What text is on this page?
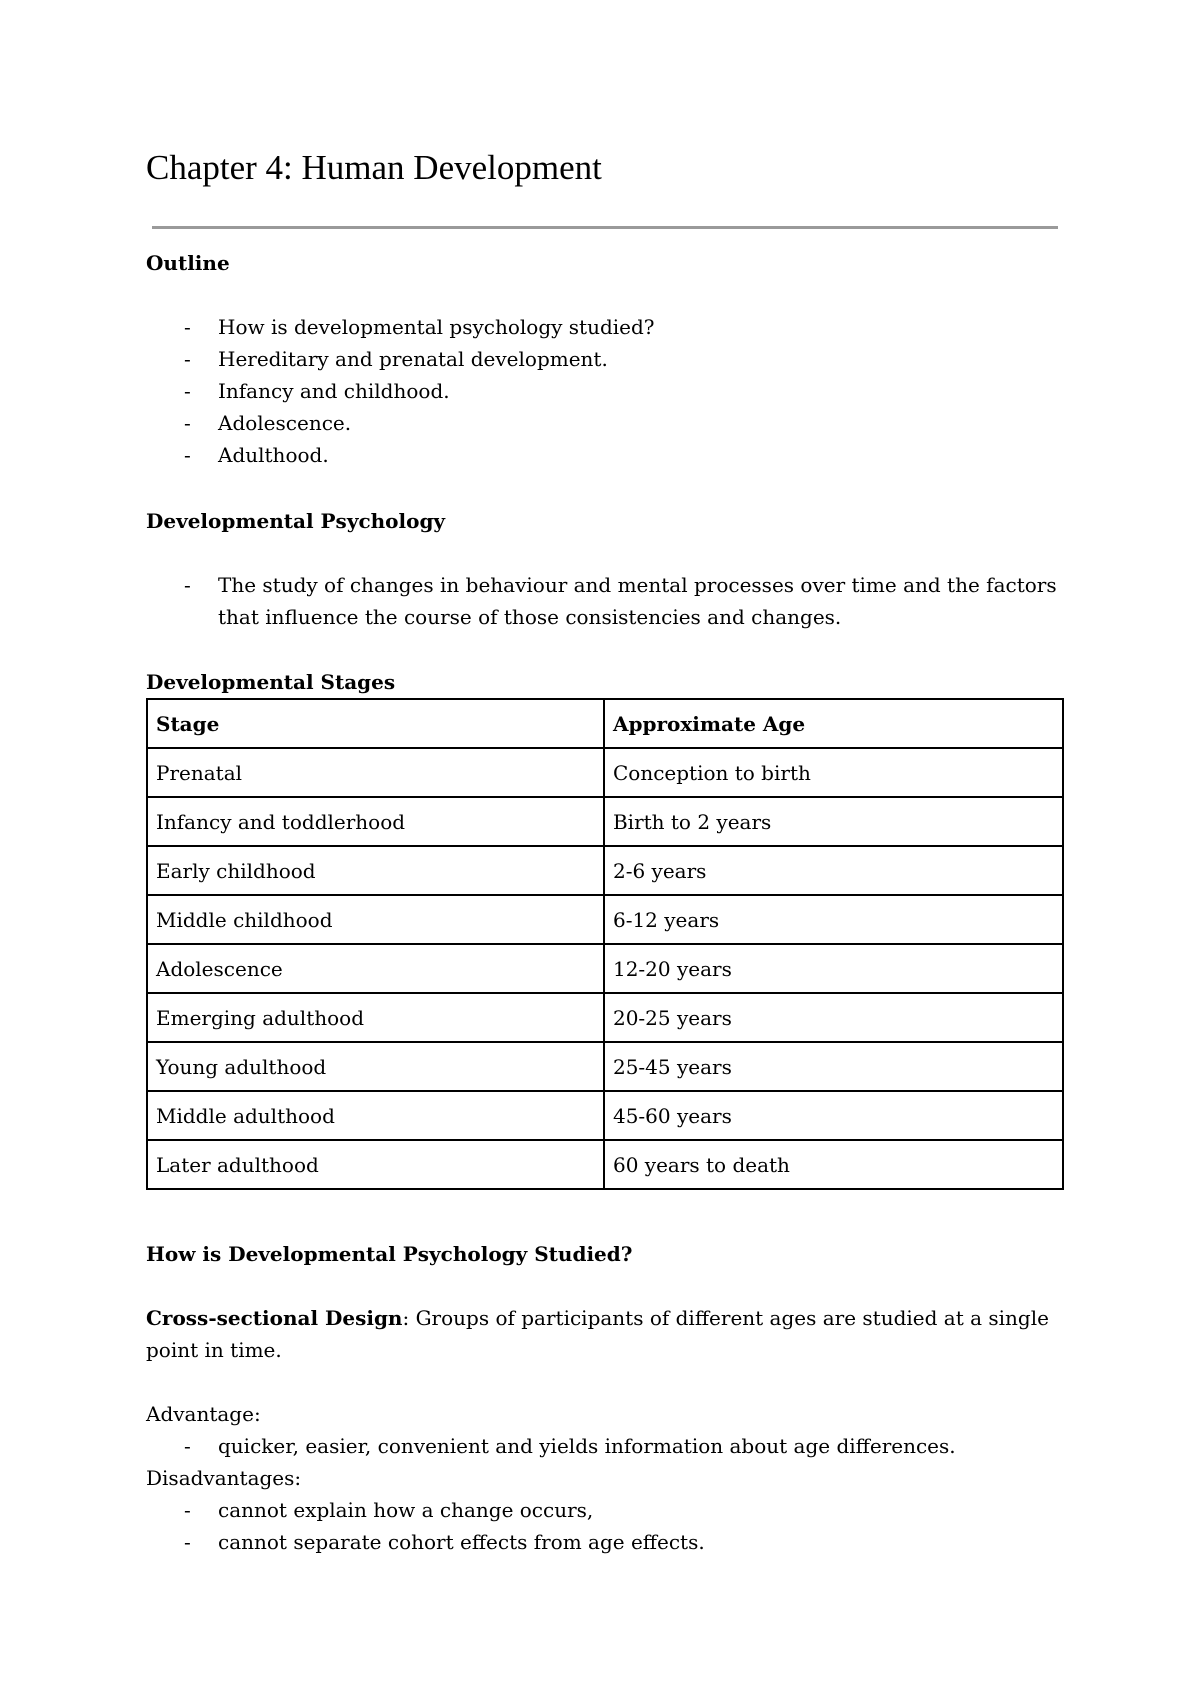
Chapter 4: Human Development

Outline

- How is developmental psychology studied?
- Hereditary and prenatal development.
- Infancy and childhood.
- Adolescence.
- Adulthood.

Developmental Psychology

- The study of changes in behaviour and mental processes over time and the factors that influence the course of those consistencies and changes.

Developmental Stages

Stage	Approximate Age
Prenatal	Conception to birth
Infancy and toddlerhood	Birth to 2 years
Early childhood	2-6 years
Middle childhood	6-12 years
Adolescence	12-20 years
Emerging adulthood	20-25 years
Young adulthood	25-45 years
Middle adulthood	45-60 years
Later adulthood	60 years to death

How is Developmental Psychology Studied?

Cross-sectional Design: Groups of participants of different ages are studied at a single point in time.

Advantage:

- quicker, easier, convenient and yields information about age differences.

Disadvantages:

- cannot explain how a change occurs,
- cannot separate cohort effects from age effects.
